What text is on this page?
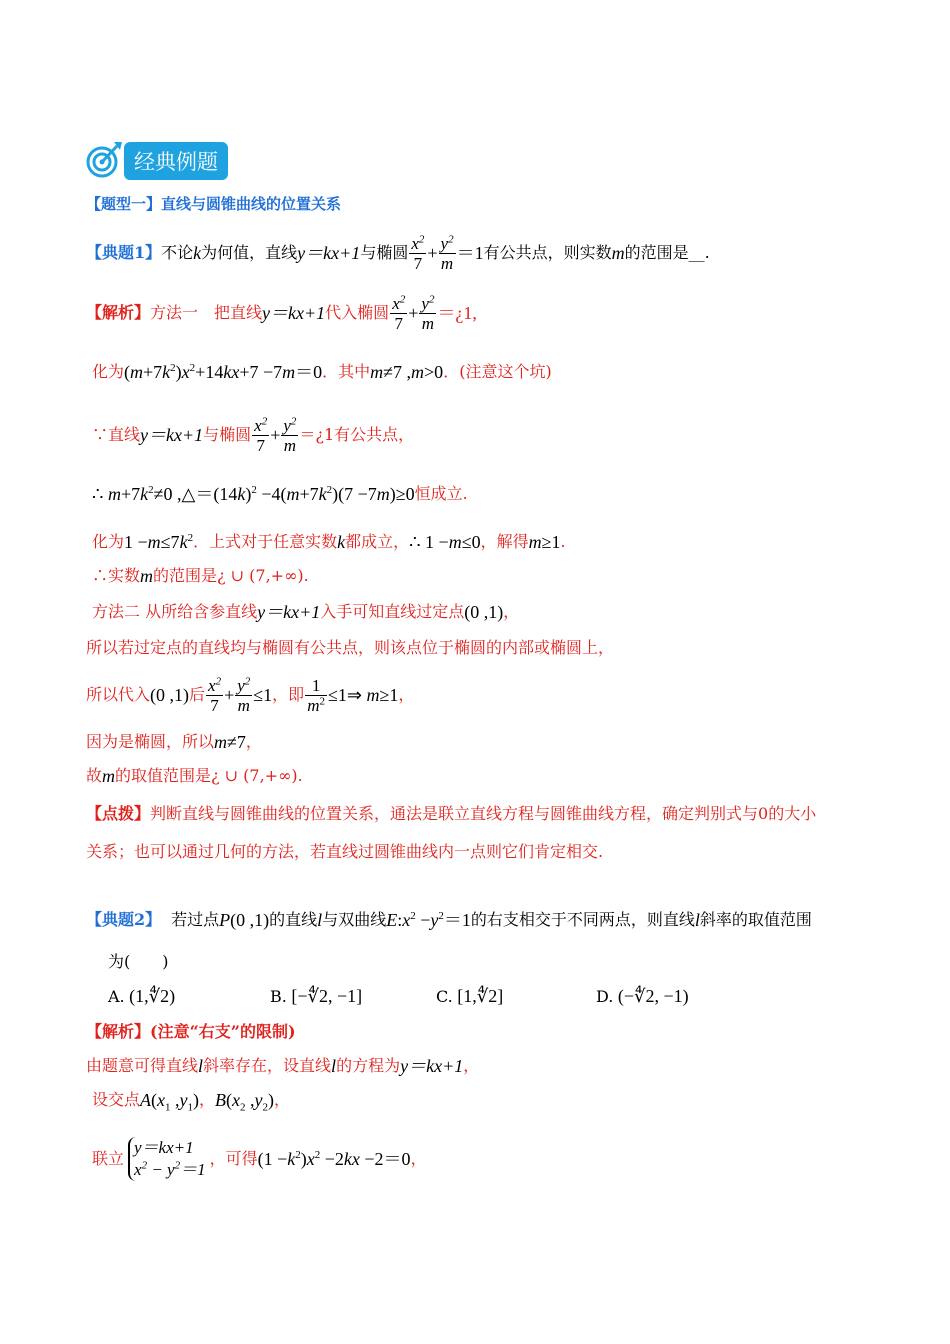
经典例题
【题型一】直线与圆锥曲线的位置关系
【典题1】 不论 k 为何值，直线 y＝kx+1 与椭圆 $\frac{x^2}{7} + \frac{y^2}{m} =1$ 有公共点，则实数 m 的范围是__.
【解析】 方法一　把直线 y＝kx+1 代入椭圆 $\frac{x^2}{7} + \frac{y^2}{m}$ ＝¿1,
化为 $(m+7k^2)x^2+14kx+7 -7m=0$ ．其中 m≠7 ,m>0 ． (注意这个坑)
∵直线 y＝kx+1 与椭圆 $\frac{x^2}{7} + \frac{y^2}{m}$ ＝¿1有公共点，
∴ $m+7k^2\ne 0$ $,\triangle=(14k)^2 -4(m+7k^2)(7 -7m)\ge 0$ 恒成立.
化为 $1 -m\le 7k^2$ ．上式对于任意实数 k 都成立， ∴ 1 −m≤0 ，解得 m≥1 .
∴实数 m 的范围是¿ ∪ (7,+∞).
方法二 从所给含参直线 y＝kx+1 入手可知直线过定点 (0 ,1) ，
所以若过定点的直线均与椭圆有公共点，则该点位于椭圆的内部或椭圆上，
所以代入 (0 ,1) 后 $\frac{x^2}{7} + \frac{y^2}{m} \le 1$ ，即 $\frac{1}{m^2}$ ≤1⇒ m≥1 ，
因为是椭圆，所以 m≠7 ，
故 m 的取值范围是¿ ∪ (7,+∞).
【点拨】判断直线与圆锥曲线的位置关系，通法是联立直线方程与圆锥曲线方程，确定判别式与0的大小
关系；也可以通过几何的方法，若直线过圆锥曲线内一点则它们肯定相交.
【典题2】 若过点 P(0 ,1) 的直线 l 与双曲线 $E:x^2 -y^2=1$ 的右支相交于不同两点，则直线 l 斜率的取值范围
为(　　)
A. (1,∜2)	B. [−∜2, −1]	C. [1,∜2]	D. (−∜2, −1)
【解析】(注意“右支”的限制)
由题意可得直线 l 斜率存在，设直线 l 的方程为 y＝kx+1 ，
设交点 $A(x_1$ $,y_1$) ， $B(x_2$ $,y_2$) ，
联立
y＝kx+1
$x^2 - y^2=1$
，可得 $(1 -k^2)x^2 -2kx -2=0$ ，
